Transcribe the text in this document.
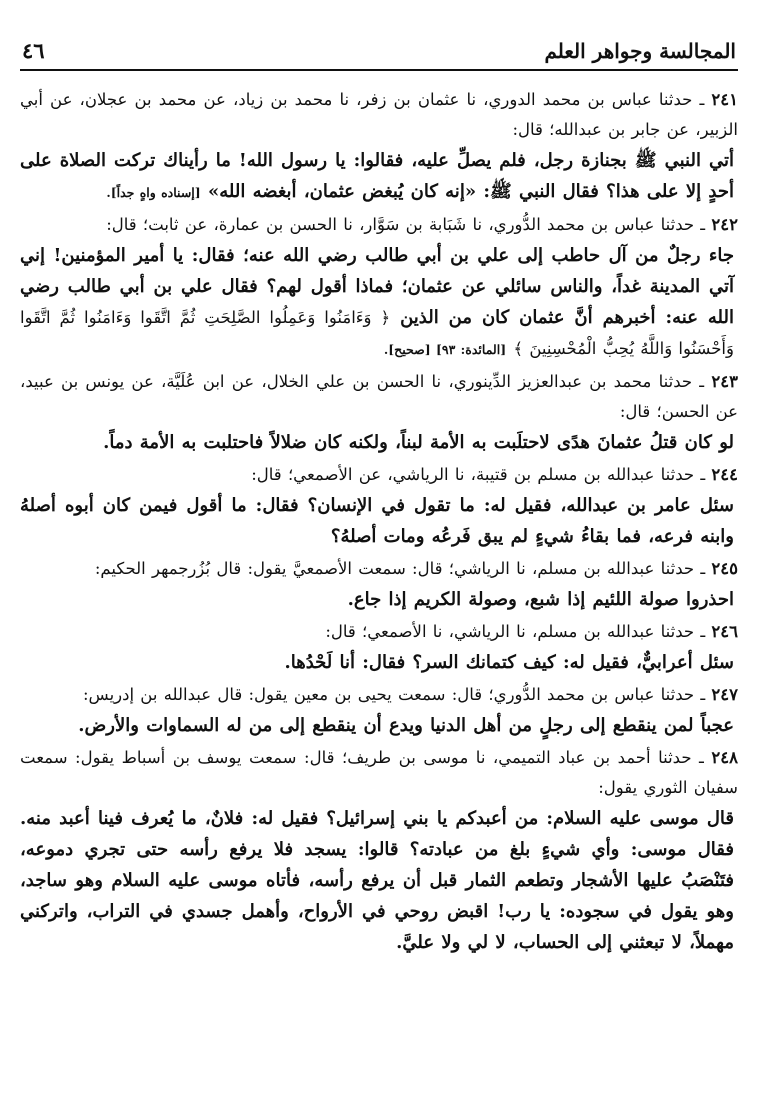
المجالسة وجواهر العلم
٤٦

٢٤١ ـ حدثنا عباس بن محمد الدوري، نا عثمان بن زفر، نا محمد بن زياد، عن محمد بن عجلان، عن أبي الزبير، عن جابر بن عبدالله؛ قال:

أتي النبي ﷺ بجنازة رجل، فلم يصلِّ عليه، فقالوا: يا رسول الله! ما رأيناك تركت الصلاة على أحدٍ إلا على هذا؟ فقال النبي ﷺ: «إنه كان يُبغض عثمان، أبغضه الله» [إسناده واهٍ جداً].

٢٤٢ ـ حدثنا عباس بن محمد الدُّوري، نا شَبَابة بن سَوَّار، نا الحسن بن عمارة، عن ثابت؛ قال:

جاء رجلٌ من آل حاطب إلى علي بن أبي طالب رضي الله عنه؛ فقال: يا أمير المؤمنين! إني آتي المدينة غداً، والناس سائلي عن عثمان؛ فماذا أقول لهم؟ فقال علي بن أبي طالب رضي الله عنه: أخبرهم أنَّ عثمان كان من الذين ﴿ وَءَامَنُوا وَعَمِلُوا الصَّلِحَتِ ثُمَّ اتَّقَوا وَءَامَنُوا ثُمَّ اتَّقَوا وَأَحْسَنُوا وَاللَّهُ يُحِبُّ الْمُحْسِنِينَ ﴾ [المائدة: ٩٣] [صحيح].

٢٤٣ ـ حدثنا محمد بن عبدالعزيز الدِّينوري، نا الحسن بن علي الخلال، عن ابن عُلَيَّة، عن يونس بن عبيد، عن الحسن؛ قال:

لو كان قتلُ عثمانَ هدًى لاحتلَبت به الأمة لبناً، ولكنه كان ضلالاً فاحتلبت به الأمة دماً.

٢٤٤ ـ حدثنا عبدالله بن مسلم بن قتيبة، نا الرياشي، عن الأصمعي؛ قال:

سئل عامر بن عبدالله، فقيل له: ما تقول في الإنسان؟ فقال: ما أقول فيمن كان أبوه أصلهُ وابنه فرعه، فما بقاءُ شيءٍ لم يبق فَرعُه ومات أصلهُ؟

٢٤٥ ـ حدثنا عبدالله بن مسلم، نا الرياشي؛ قال: سمعت الأصمعيَّ يقول: قال بُزُرجمهر الحكيم:

احذروا صولة اللئيم إذا شبع، وصولة الكريم إذا جاع.

٢٤٦ ـ حدثنا عبدالله بن مسلم، نا الرياشي، نا الأصمعي؛ قال:

سئل أعرابيٌّ، فقيل له: كيف كتمانك السر؟ فقال: أنا لَحْدُها.

٢٤٧ ـ حدثنا عباس بن محمد الدُّوري؛ قال: سمعت يحيى بن معين يقول: قال عبدالله بن إدريس:

عجباً لمن ينقطع إلى رجلٍ من أهل الدنيا ويدع أن ينقطع إلى من له السماوات والأرض.

٢٤٨ ـ حدثنا أحمد بن عباد التميمي، نا موسى بن طريف؛ قال: سمعت يوسف بن أسباط يقول: سمعت سفيان الثوري يقول:

قال موسى عليه السلام: من أعبدكم يا بني إسرائيل؟ فقيل له: فلانٌ، ما يُعرف فينا أعبد منه. فقال موسى: وأي شيءٍ بلغ من عبادته؟ قالوا: يسجد فلا يرفع رأسه حتى تجري دموعه، فتَنْصَبُ عليها الأشجار وتطعم الثمار قبل أن يرفع رأسه، فأتاه موسى عليه السلام وهو ساجد، وهو يقول في سجوده: يا رب! اقبض روحي في الأرواح، وأهمل جسدي في التراب، واتركني مهملاً، لا تبعثني إلى الحساب، لا لي ولا عليَّ.
